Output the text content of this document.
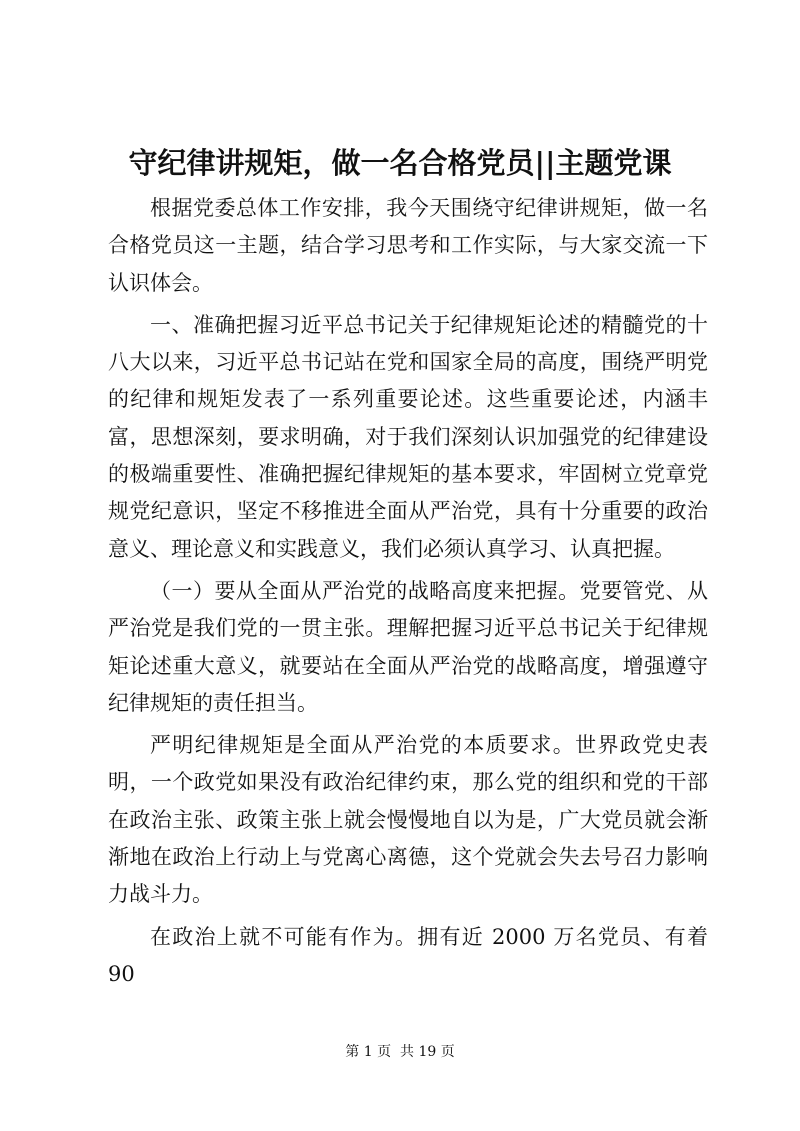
守纪律讲规矩，做一名合格党员||主题党课

根据党委总体工作安排，我今天围绕守纪律讲规矩，做一名合格党员这一主题，结合学习思考和工作实际，与大家交流一下认识体会。

一、准确把握习近平总书记关于纪律规矩论述的精髓党的十八大以来，习近平总书记站在党和国家全局的高度，围绕严明党的纪律和规矩发表了一系列重要论述。这些重要论述，内涵丰富，思想深刻，要求明确，对于我们深刻认识加强党的纪律建设的极端重要性、准确把握纪律规矩的基本要求，牢固树立党章党规党纪意识，坚定不移推进全面从严治党，具有十分重要的政治意义、理论意义和实践意义，我们必须认真学习、认真把握。

（一）要从全面从严治党的战略高度来把握。党要管党、从严治党是我们党的一贯主张。理解把握习近平总书记关于纪律规矩论述重大意义，就要站在全面从严治党的战略高度，增强遵守纪律规矩的责任担当。

严明纪律规矩是全面从严治党的本质要求。世界政党史表明，一个政党如果没有政治纪律约束，那么党的组织和党的干部在政治主张、政策主张上就会慢慢地自以为是，广大党员就会渐渐地在政治上行动上与党离心离德，这个党就会失去号召力影响力战斗力。

在政治上就不可能有作为。拥有近 2000 万名党员、有着 90

第 1 页  共 19 页
